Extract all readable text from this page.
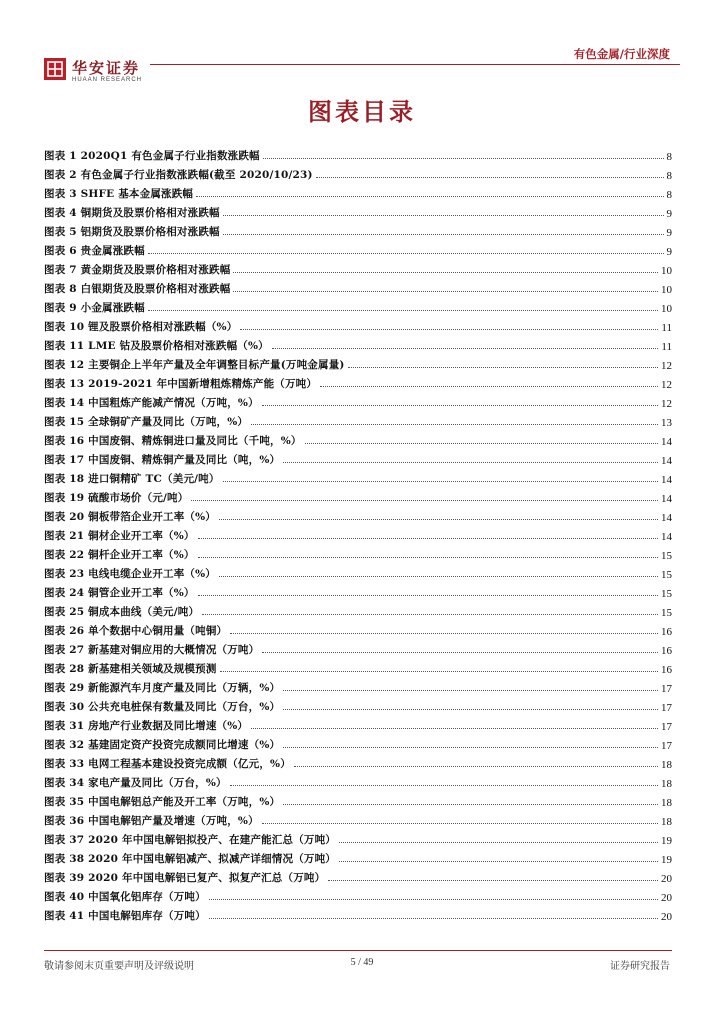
华安证券
HUAAN RESEARCH
有色金属/行业深度
图表目录
图表 1 2020Q1 有色金属子行业指数涨跌幅	8
图表 2 有色金属子行业指数涨跌幅(截至 2020/10/23)	8
图表 3 SHFE 基本金属涨跌幅	8
图表 4 铜期货及股票价格相对涨跌幅	9
图表 5 铝期货及股票价格相对涨跌幅	9
图表 6 贵金属涨跌幅	9
图表 7 黄金期货及股票价格相对涨跌幅	10
图表 8 白银期货及股票价格相对涨跌幅	10
图表 9 小金属涨跌幅	10
图表 10 锂及股票价格相对涨跌幅（%）	11
图表 11 LME 钴及股票价格相对涨跌幅（%）	11
图表 12 主要铜企上半年产量及全年调整目标产量(万吨金属量)	12
图表 13 2019-2021 年中国新增粗炼精炼产能（万吨）	12
图表 14 中国粗炼产能减产情况（万吨，%）	12
图表 15 全球铜矿产量及同比（万吨，%）	13
图表 16 中国废铜、精炼铜进口量及同比（千吨，%）	14
图表 17 中国废铜、精炼铜产量及同比（吨，%）	14
图表 18 进口铜精矿 TC（美元/吨）	14
图表 19 硫酸市场价（元/吨）	14
图表 20 铜板带箔企业开工率（%）	14
图表 21 铜材企业开工率（%）	14
图表 22 铜杆企业开工率（%）	15
图表 23 电线电缆企业开工率（%）	15
图表 24 铜管企业开工率（%）	15
图表 25 铜成本曲线（美元/吨）	15
图表 26 单个数据中心铜用量（吨铜）	16
图表 27 新基建对铜应用的大概情况（万吨）	16
图表 28 新基建相关领域及规模预测	16
图表 29 新能源汽车月度产量及同比（万辆，%）	17
图表 30 公共充电桩保有数量及同比（万台，%）	17
图表 31 房地产行业数据及同比增速（%）	17
图表 32 基建固定资产投资完成额同比增速（%）	17
图表 33 电网工程基本建设投资完成额（亿元，%）	18
图表 34 家电产量及同比（万台，%）	18
图表 35 中国电解铝总产能及开工率（万吨，%）	18
图表 36 中国电解铝产量及增速（万吨，%）	18
图表 37 2020 年中国电解铝拟投产、在建产能汇总（万吨）	19
图表 38 2020 年中国电解铝减产、拟减产详细情况（万吨）	19
图表 39 2020 年中国电解铝已复产、拟复产汇总（万吨）	20
图表 40 中国氧化铝库存（万吨）	20
图表 41 中国电解铝库存（万吨）	20
敬请参阅末页重要声明及评级说明	5 / 49	证券研究报告
